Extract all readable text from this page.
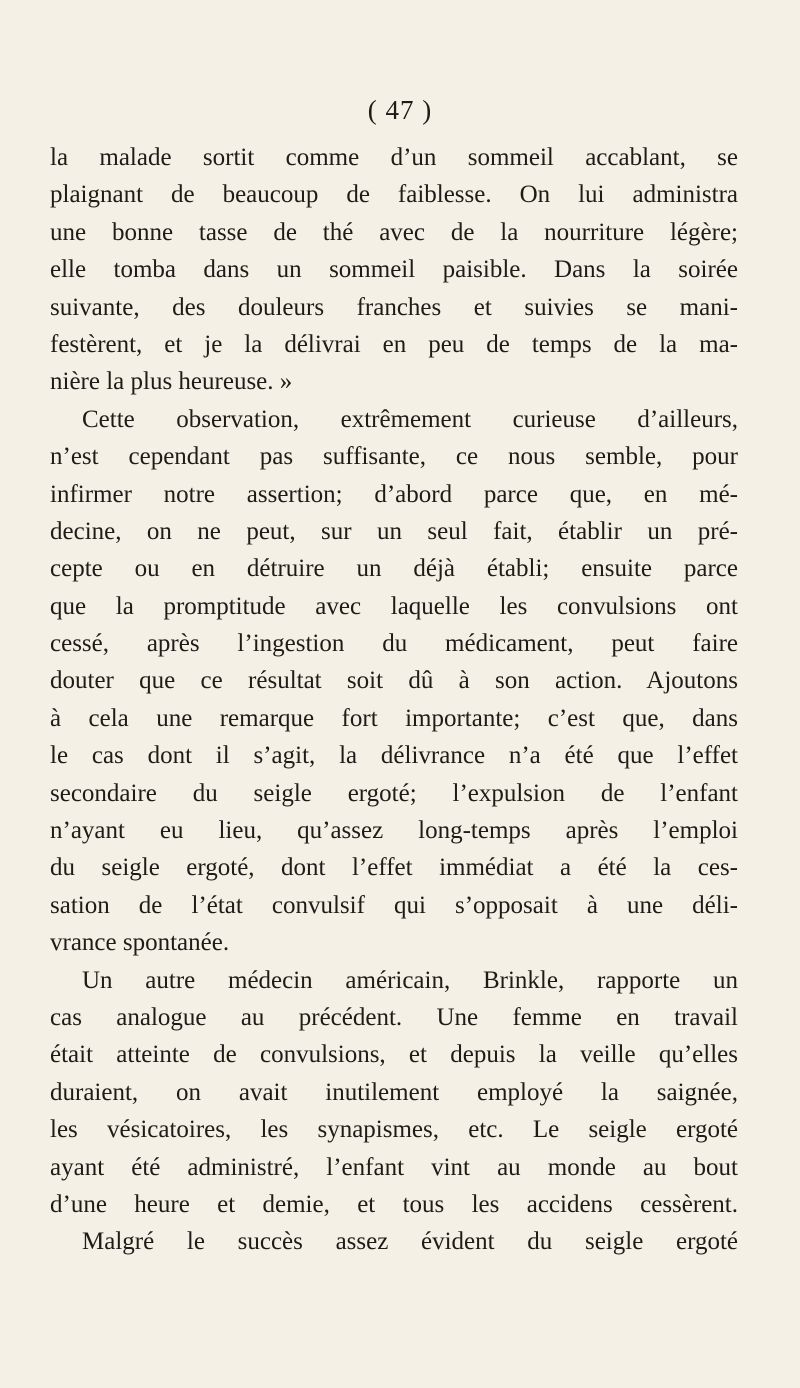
( 47 )
la malade sortit comme d’un sommeil accablant, se
plaignant de beaucoup de faiblesse. On lui administra
une bonne tasse de thé avec de la nourriture légère;
elle tomba dans un sommeil paisible. Dans la soirée
suivante, des douleurs franches et suivies se mani-
festèrent, et je la délivrai en peu de temps de la ma-
nière la plus heureuse. »
Cette observation, extrêmement curieuse d’ailleurs,
n’est cependant pas suffisante, ce nous semble, pour
infirmer notre assertion; d’abord parce que, en mé-
decine, on ne peut, sur un seul fait, établir un pré-
cepte ou en détruire un déjà établi; ensuite parce
que la promptitude avec laquelle les convulsions ont
cessé, après l’ingestion du médicament, peut faire
douter que ce résultat soit dû à son action. Ajoutons
à cela une remarque fort importante; c’est que, dans
le cas dont il s’agit, la délivrance n’a été que l’effet
secondaire du seigle ergoté; l’expulsion de l’enfant
n’ayant eu lieu, qu’assez long-temps après l’emploi
du seigle ergoté, dont l’effet immédiat a été la ces-
sation de l’état convulsif qui s’opposait à une déli-
vrance spontanée.
Un autre médecin américain, Brinkle, rapporte un
cas analogue au précédent. Une femme en travail
était atteinte de convulsions, et depuis la veille qu’elles
duraient, on avait inutilement employé la saignée,
les vésicatoires, les synapismes, etc. Le seigle ergoté
ayant été administré, l’enfant vint au monde au bout
d’une heure et demie, et tous les accidens cessèrent.
Malgré le succès assez évident du seigle ergoté
